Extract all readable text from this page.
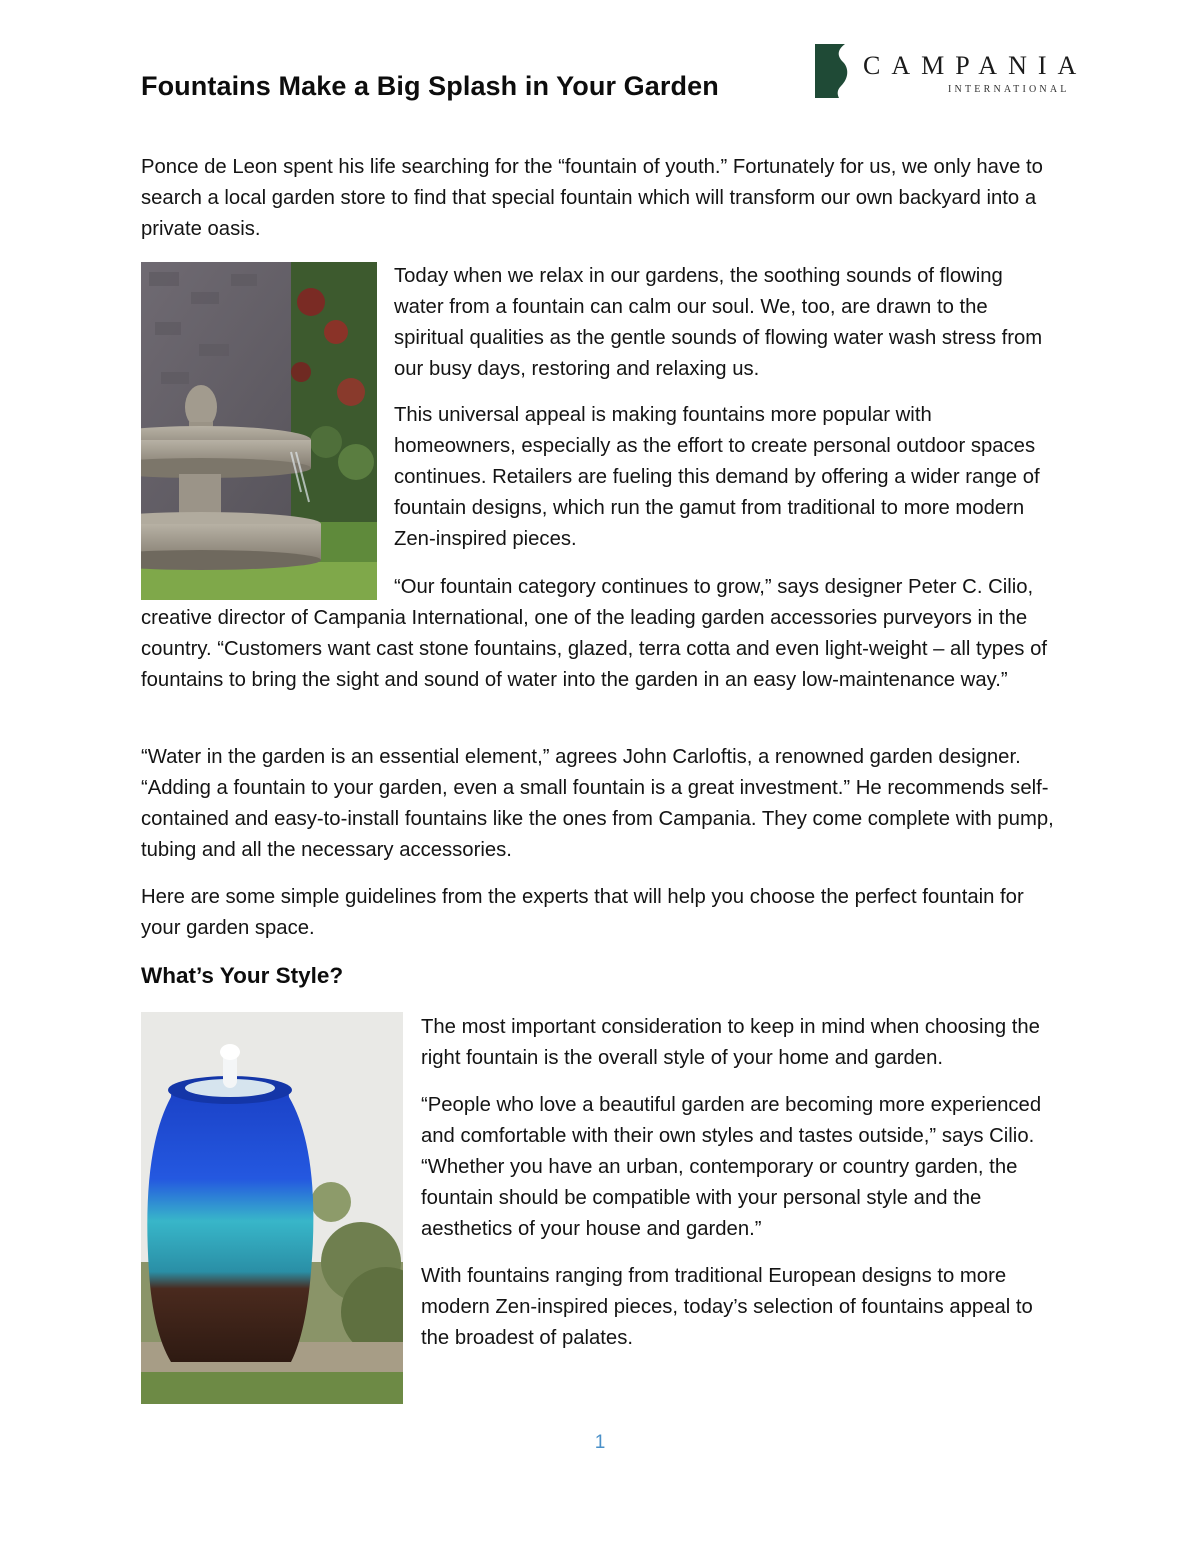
Fountains Make a Big Splash in Your Garden
CAMPANIA
INTERNATIONAL

Ponce de Leon spent his life searching for the “fountain of youth.” Fortunately for us, we only have to search a local garden store to find that special fountain which will transform our own backyard into a private oasis.

Today when we relax in our gardens, the soothing sounds of flowing water from a fountain can calm our soul. We, too, are drawn to the spiritual qualities as the gentle sounds of flowing water wash stress from our busy days, restoring and relaxing us.

This universal appeal is making fountains more popular with homeowners, especially as the effort to create personal outdoor spaces continues. Retailers are fueling this demand by offering a wider range of fountain designs, which run the gamut from traditional to more modern Zen-inspired pieces.

“Our fountain category continues to grow,” says designer Peter C. Cilio, creative director of Campania International, one of the leading garden accessories purveyors in the country. “Customers want cast stone fountains, glazed, terra cotta and even light-weight – all types of fountains to bring the sight and sound of water into the garden in an easy low-maintenance way.”

“Water in the garden is an essential element,” agrees John Carloftis, a renowned garden designer. “Adding a fountain to your garden, even a small fountain is a great investment.” He recommends self-contained and easy-to-install fountains like the ones from Campania. They come complete with pump, tubing and all the necessary accessories.

Here are some simple guidelines from the experts that will help you choose the perfect fountain for your garden space.

What’s Your Style?

The most important consideration to keep in mind when choosing the right fountain is the overall style of your home and garden.

“People who love a beautiful garden are becoming more experienced and comfortable with their own styles and tastes outside,” says Cilio. “Whether you have an urban, contemporary or country garden, the fountain should be compatible with your personal style and the aesthetics of your house and garden.”

With fountains ranging from traditional European designs to more modern Zen-inspired pieces, today’s selection of fountains appeal to the broadest of palates.

1
